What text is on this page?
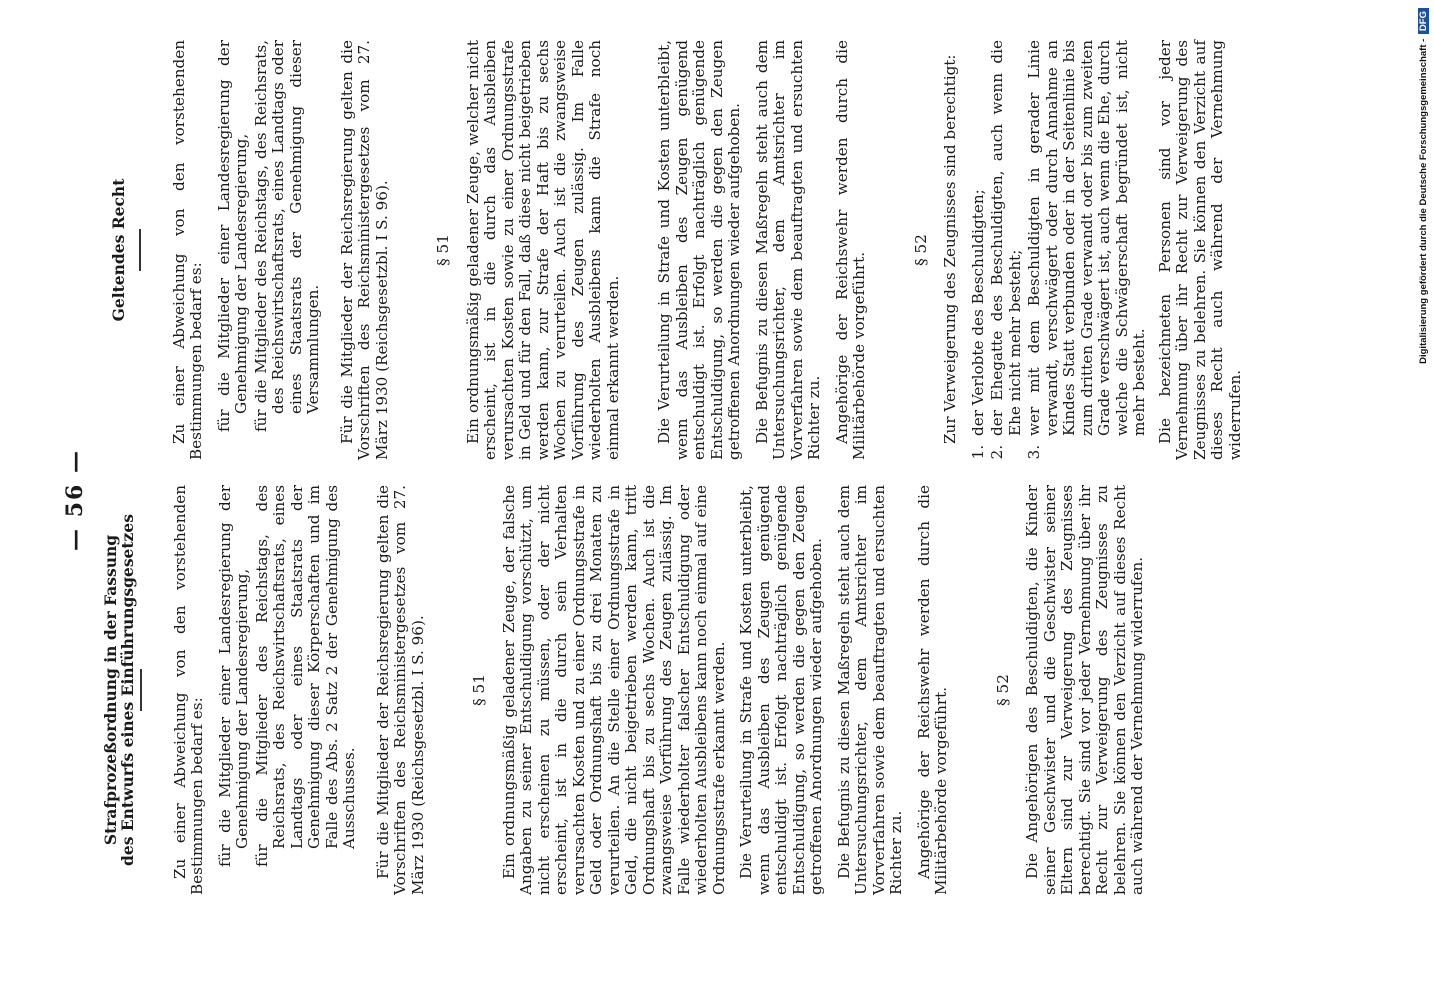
— 56 —
Strafprozeßordnung in der Fassung
des Entwurfs eines Einführungsgesetzes Zu einer Abweichung von den vorstehenden Bestimmungen bedarf es: für die Mitglieder einer Landesregierung der Genehmigung der Landesregierung, für die Mitglieder des Reichstags, des Reichsrats, des Reichswirtschaftsrats, eines Landtags oder eines Staatsrats der Genehmigung dieser Körperschaften und im Falle des Abs. 2 Satz 2 der Genehmigung des Ausschusses. Für die Mitglieder der Reichsregierung gelten die Vorschriften des Reichsministergesetzes vom 27. März 1930 (Reichsgesetzbl. I S. 96).	§ 51 Ein ordnungsmäßig geladener Zeuge, der falsche Angaben zu seiner Entschuldigung vorschützt, um nicht erscheinen zu müssen, oder der nicht erscheint, ist in die durch sein Verhalten verursachten Kosten und zu einer Ordnungsstrafe in Geld oder Ordnungshaft bis zu drei Monaten zu verurteilen. An die Stelle einer Ordnungsstrafe in Geld, die nicht beigetrieben werden kann, tritt Ordnungshaft bis zu sechs Wochen. Auch ist die zwangsweise Vorführung des Zeugen zulässig. Im Falle wiederholter falscher Entschuldigung oder wiederholten Ausbleibens kann noch einmal auf eine Ordnungsstrafe erkannt werden. Die Verurteilung in Strafe und Kosten unterbleibt, wenn das Ausbleiben des Zeugen genügend entschuldigt ist. Erfolgt nachträglich genügende Entschuldigung, so werden die gegen den Zeugen getroffenen Anordnungen wieder aufgehoben. Die Befugnis zu diesen Maßregeln steht auch dem Untersuchungsrichter, dem Amtsrichter im Vorverfahren sowie dem beauftragten und ersuchten Richter zu. Angehörige der Reichswehr werden durch die Militärbehörde vorgeführt.	§ 52 Die Angehörigen des Beschuldigten, die Kinder seiner Geschwister und die Geschwister seiner Eltern sind zur Verweigerung des Zeugnisses berechtigt. Sie sind vor jeder Vernehmung über ihr Recht zur Verweigerung des Zeugnisses zu belehren. Sie können den Verzicht auf dieses Recht auch während der Vernehmung widerrufen.

Geltendes Recht	Zu einer Abweichung von den vorstehenden Bestimmungen bedarf es: für die Mitglieder einer Landesregierung der Genehmigung der Landesregierung, für die Mitglieder des Reichstags, des Reichsrats, des Reichswirtschaftsrats, eines Landtags oder eines Staatsrats der Genehmigung dieser Versammlungen. Für die Mitglieder der Reichsregierung gelten die Vorschriften des Reichsministergesetzes vom 27. März 1930 (Reichsgesetzbl. I S. 96).	§ 51 Ein ordnungsmäßig geladener Zeuge, welcher nicht erscheint, ist in die durch das Ausbleiben verursachten Kosten sowie zu einer Ordnungsstrafe in Geld und für den Fall, daß diese nicht beigetrieben werden kann, zur Strafe der Haft bis zu sechs Wochen zu verurteilen. Auch ist die zwangsweise Vorführung des Zeugen zulässig. Im Falle wiederholten Ausbleibens kann die Strafe noch einmal erkannt werden. Die Verurteilung in Strafe und Kosten unterbleibt, wenn das Ausbleiben des Zeugen genügend entschuldigt ist. Erfolgt nachträglich genügende Entschuldigung, so werden die gegen den Zeugen getroffenen Anordnungen wieder aufgehoben. Die Befugnis zu diesen Maßregeln steht auch dem Untersuchungsrichter, dem Amtsrichter im Vorverfahren sowie dem beauftragten und ersuchten Richter zu. Angehörige der Reichswehr werden durch die Militärbehörde vorgeführt.

§ 52 Zur Verweigerung des Zeugnisses sind berechtigt: 1. der Verlobte des Beschuldigten; 2. der Ehegatte des Beschuldigten, auch wenn die Ehe nicht mehr besteht; 3. wer mit dem Beschuldigten in gerader Linie verwandt, verschwägert oder durch Annahme an Kindes Statt verbunden oder in der Seitenlinie bis zum dritten Grade verwandt oder bis zum zweiten Grade verschwägert ist, auch wenn die Ehe, durch welche die Schwägerschaft begründet ist, nicht mehr besteht. Die bezeichneten Personen sind vor jeder Vernehmung über ihr Recht zur Verweigerung des Zeugnisses zu belehren. Sie können den Verzicht auf dieses Recht auch während der Vernehmung widerrufen.

Digitalisierung gefördert durch die Deutsche Forschungsgemeinschaft - DFG
